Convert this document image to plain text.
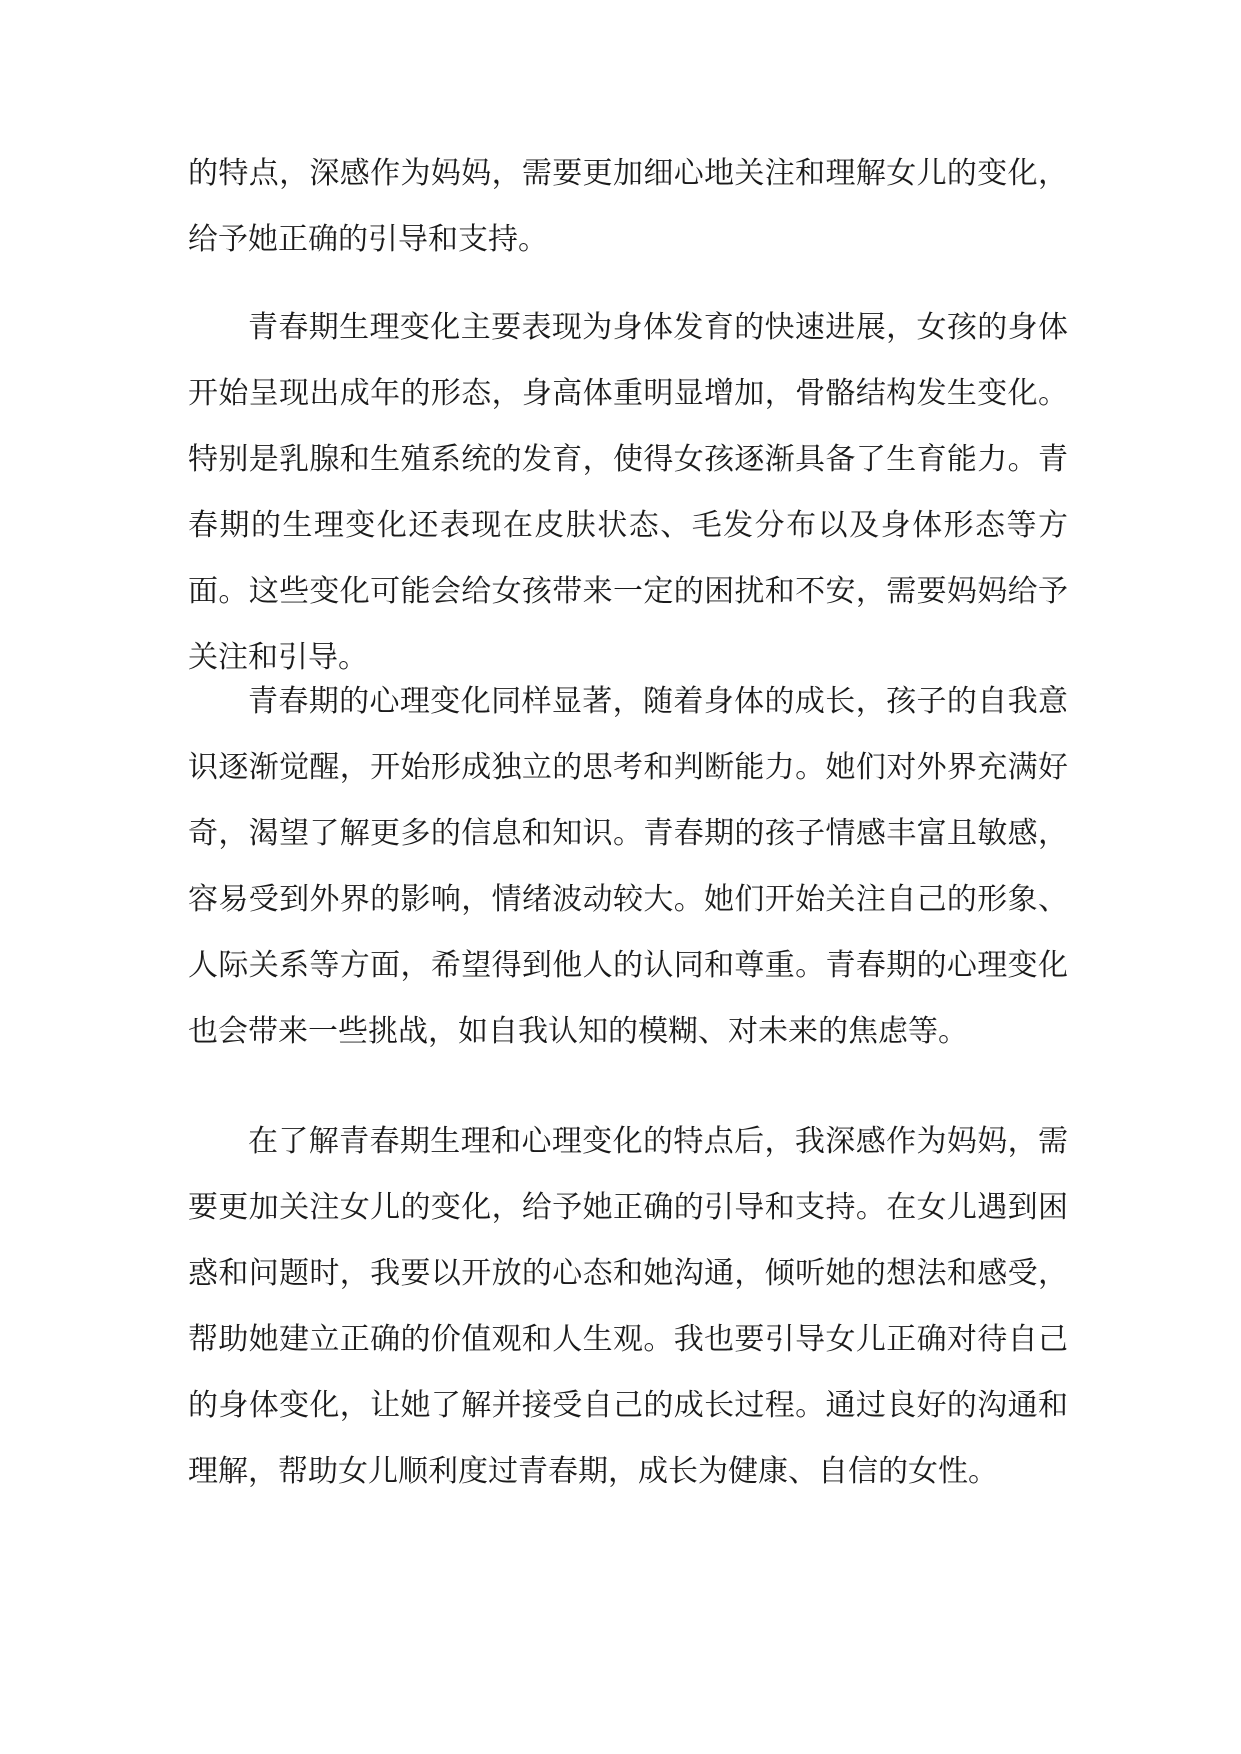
的特点，深感作为妈妈，需要更加细心地关注和理解女儿的变化，给予她正确的引导和支持。

青春期生理变化主要表现为身体发育的快速进展，女孩的身体开始呈现出成年的形态，身高体重明显增加，骨骼结构发生变化。特别是乳腺和生殖系统的发育，使得女孩逐渐具备了生育能力。青春期的生理变化还表现在皮肤状态、毛发分布以及身体形态等方面。这些变化可能会给女孩带来一定的困扰和不安，需要妈妈给予关注和引导。

青春期的心理变化同样显著，随着身体的成长，孩子的自我意识逐渐觉醒，开始形成独立的思考和判断能力。她们对外界充满好奇，渴望了解更多的信息和知识。青春期的孩子情感丰富且敏感，容易受到外界的影响，情绪波动较大。她们开始关注自己的形象、人际关系等方面，希望得到他人的认同和尊重。青春期的心理变化也会带来一些挑战，如自我认知的模糊、对未来的焦虑等。

在了解青春期生理和心理变化的特点后，我深感作为妈妈，需要更加关注女儿的变化，给予她正确的引导和支持。在女儿遇到困惑和问题时，我要以开放的心态和她沟通，倾听她的想法和感受，帮助她建立正确的价值观和人生观。我也要引导女儿正确对待自己的身体变化，让她了解并接受自己的成长过程。通过良好的沟通和理解，帮助女儿顺利度过青春期，成长为健康、自信的女性。
